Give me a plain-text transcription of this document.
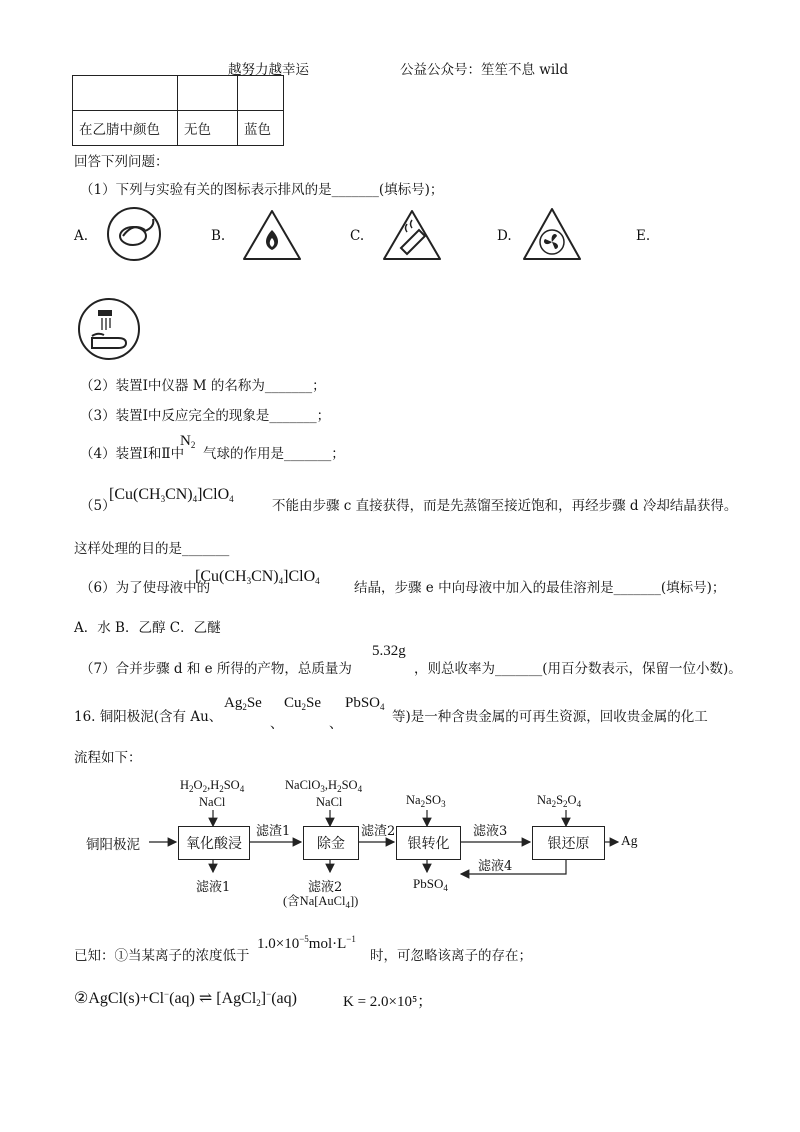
越努力越幸运	公益公众号：笙笙不息 wild

在乙腈中颜色	无色	蓝色
回答下列问题：
（1）下列与实验有关的图标表示排风的是_______(填标号)；
A.	B.	C.	D.	E.
（2）装置Ⅰ中仪器 M 的名称为_______；
（3）装置Ⅰ中反应完全的现象是_______；
（4）装置Ⅰ和Ⅱ中
$N_2$
气球的作用是_______；
（5）
$[Cu(CH_3CN)_4]ClO_4$	不能由步骤 c 直接获得，而是先蒸馏至接近饱和，再经步骤 d 冷却结晶获得。
这样处理的目的是_______
（6）为了使母液中的
$[Cu(CH_3CN)_4]ClO_4$	结晶，步骤 e 中向母液中加入的最佳溶剂是_______(填标号)；
A．水 B．乙醇 C．乙醚
（7）合并步骤 d 和 e 所得的产物，总质量为
5.32g
，则总收率为_______(用百分数表示，保留一位小数)。
16. 铜阳极泥(含有 Au、
$Ag_2Se$
、
$Cu_2Se$
、
PbSO$_4$
等)是一种含贵金属的可再生资源，回收贵金属的化工
流程如下：
铜阳极泥	氧化酸浸	除金	银转化	银还原	Ag
滤渣1	滤渣2	滤液3
滤液4
滤液1	滤液2
(含Na[AuCl$_4$])
PbSO$_4$
$H_2O_2,H_2SO_4$
NaCl
$NaClO_3,H_2SO_4$
NaCl	$Na_2SO_3$	$Na_2S_2O_4$
已知：①当某离子的浓度低于
$1.0\times 10^{-5}mol\cdot L^{-1}$
时，可忽略该离子的存在；
②AgCl(s)+Cl−(aq) ⇌ [AgCl$_2$]−(aq)	K = 2.0×10⁵；
